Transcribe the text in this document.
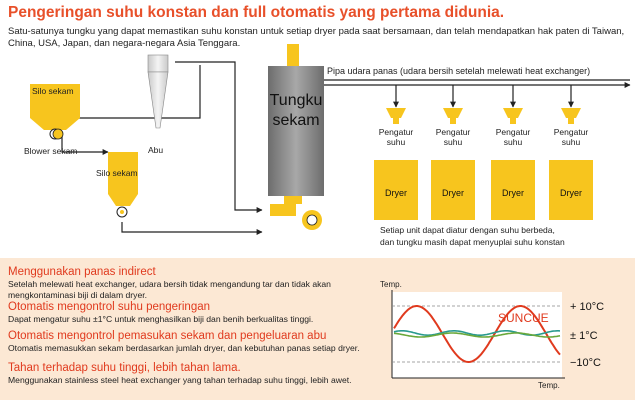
Pengeringan suhu konstan dan full otomatis yang pertama didunia.
Satu-satunya tungku yang dapat memastikan suhu konstan untuk setiap dryer pada saat bersamaan, dan telah mendapatkan hak paten di Taiwan, China, USA, Japan, dan negara-negara Asia Tenggara.
Silo sekam
Blower sekam
Silo sekam
Abu
Tungku
sekam
Pipa udara panas (udara bersih setelah melewati heat exchanger)
Pengatur
suhu
Pengatur
suhu
Pengatur
suhu
Pengatur
suhu
Dryer	Dryer	Dryer	Dryer
Setiap unit dapat diatur dengan suhu berbeda,
dan tungku masih dapat menyuplai suhu konstan
Menggunakan panas indirect
Setelah melewati heat exchanger, udara bersih tidak mengandung tar dan tidak akan mengkontaminasi biji di dalam dryer.
Otomatis mengontrol suhu pengeringan
Dapat mengatur suhu ±1°C untuk menghasilkan biji dan benih berkualitas tinggi.
Otomatis mengontrol pemasukan sekam dan pengeluaran abu
Otomatis memasukkan sekam berdasarkan jumlah dryer, dan kebutuhan panas setiap dryer.
Tahan terhadap suhu tinggi, lebih tahan lama.
Menggunakan stainless steel heat exchanger yang tahan terhadap suhu tinggi, lebih awet.
Temp.
Temp.
SUNCUE
+ 10°C
± 1°C
−10°C
